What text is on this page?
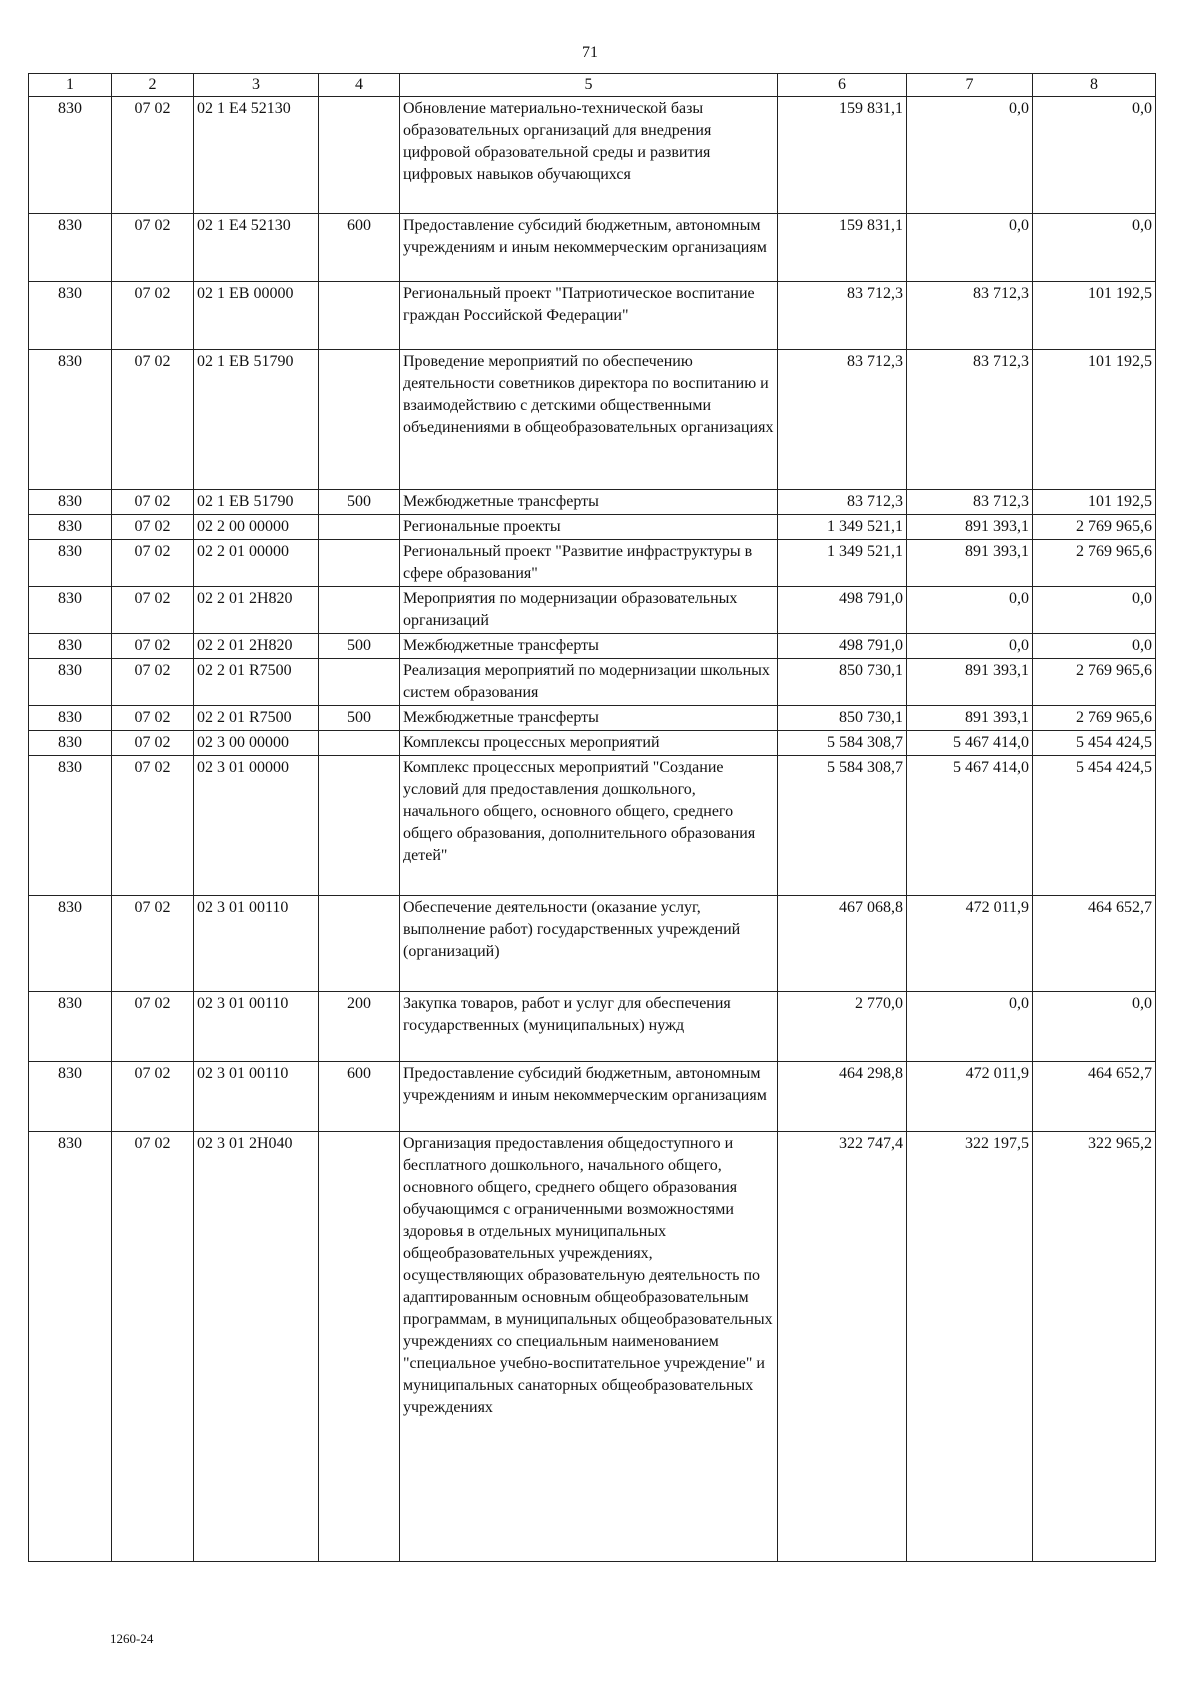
71
1	2	3	4	5	6	7	8
830	07 02	02 1 E4 52130		Обновление материально-технической базы образовательных организаций для внедрения цифровой образовательной среды и развития цифровых навыков обучающихся	159 831,1	0,0	0,0
830	07 02	02 1 E4 52130	600	Предоставление субсидий бюджетным, автономным учреждениям и иным некоммерческим организациям	159 831,1	0,0	0,0
830	07 02	02 1 EB 00000		Региональный проект "Патриотическое воспитание граждан Российской Федерации"	83 712,3	83 712,3	101 192,5
830	07 02	02 1 EB 51790		Проведение мероприятий по обеспечению деятельности советников директора по воспитанию и взаимодействию с детскими общественными объединениями в общеобразовательных организациях	83 712,3	83 712,3	101 192,5
830	07 02	02 1 EB 51790	500	Межбюджетные трансферты	83 712,3	83 712,3	101 192,5
830	07 02	02 2 00 00000		Региональные проекты	1 349 521,1	891 393,1	2 769 965,6
830	07 02	02 2 01 00000		Региональный проект "Развитие инфраструктуры в сфере образования"	1 349 521,1	891 393,1	2 769 965,6
830	07 02	02 2 01 2H820		Мероприятия по модернизации образовательных организаций	498 791,0	0,0	0,0
830	07 02	02 2 01 2H820	500	Межбюджетные трансферты	498 791,0	0,0	0,0
830	07 02	02 2 01 R7500		Реализация мероприятий по модернизации школьных систем образования	850 730,1	891 393,1	2 769 965,6
830	07 02	02 2 01 R7500	500	Межбюджетные трансферты	850 730,1	891 393,1	2 769 965,6
830	07 02	02 3 00 00000		Комплексы процессных мероприятий	5 584 308,7	5 467 414,0	5 454 424,5
830	07 02	02 3 01 00000		Комплекс процессных мероприятий "Создание условий для предоставления дошкольного, начального общего, основного общего, среднего общего образования, дополнительного образования детей"	5 584 308,7	5 467 414,0	5 454 424,5
830	07 02	02 3 01 00110		Обеспечение деятельности (оказание услуг, выполнение работ) государственных учреждений (организаций)	467 068,8	472 011,9	464 652,7
830	07 02	02 3 01 00110	200	Закупка товаров, работ и услуг для обеспечения государственных (муниципальных) нужд	2 770,0	0,0	0,0
830	07 02	02 3 01 00110	600	Предоставление субсидий бюджетным, автономным учреждениям и иным некоммерческим организациям	464 298,8	472 011,9	464 652,7
830	07 02	02 3 01 2H040		Организация предоставления общедоступного и бесплатного дошкольного, начального общего, основного общего, среднего общего образования обучающимся с ограниченными возможностями здоровья в отдельных муниципальных общеобразовательных учреждениях, осуществляющих образовательную деятельность по адаптированным основным общеобразовательным программам, в муниципальных общеобразовательных учреждениях со специальным наименованием "специальное учебно-воспитательное учреждение" и муниципальных санаторных общеобразовательных учреждениях	322 747,4	322 197,5	322 965,2
1260-24
